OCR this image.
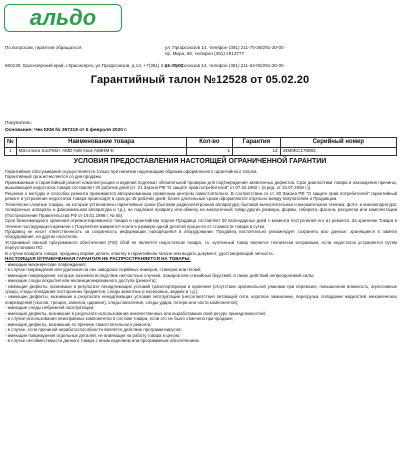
альдо
По вопросам, гарантии обращаться:	ул. Профсоюзов 14, телефон (391) 211-70-36/291-30-00
пр. Мира, 66, телефон (391) 2913777
660130, Красноярский край, г.Красноярск, ул.Профсоюзов, д.14, +7(391) 2-91-30-00
ул. Профсоюзов 14, телефон (391) 211-64-00/291-30-00
Гарантийный талон №12528 от 05.02.20
Покупатель:
Основание: Чек ККМ № 397318 от 5 февраля 2020 г.
№	Наименование товара	Кол-во	Гарантия	Серийный номер
1	Мат.плата SocFM2+ AMD A68 Asus A68HM-K	1	12	J4M0KC176893
УСЛОВИЯ ПРЕДОСТАВЛЕНИЯ НАСТОЯЩЕЙ ОГРАНИЧЕННОЙ ГАРАНТИИ

Гарантийное обслуживание осуществляется только при наличии надлежащим образом оформленного гарантийного талона.

Гарантийный срок исчисляется со дня продажи.

Принимаемые в гарантийный ремонт комплектующие и изделия подлежат обязательной проверке для подтверждения заявленных дефектов. Срок диагностики товара и нахождения причины, вызывающей недостаток товара составляет 20 рабочих дней (ст. 21 Закона РФ "О защите прав потребителей" от 07.02.1992 г. (в ред. от 23.07.2008 г.)).

Решение о методах и способах ремонта принимается авторизованным сервисным центром самостоятельно. В соответствии со ст. 20 Закона РФ "О защите прав потребителей" гарантийный ремонт и устранение недостатка товара происходят в срок до 45 рабочих дней, более длительные сроки оформляются отдельно между покупателем и Продавцом.

Технически сложные товары, на которые установлены гарантийные сроки (бытовая радиоэлектронная аппаратура; бытовая вычислительная и множительная техника; фото- и киноаппаратура; телефонные аппараты и факсимильная аппаратура и т.д.), не подлежат возврату или обмену на аналогичный товар других размера, формы, габарита, фасона, расцветки или комплектации (Постановление Правительства РФ от 19.01.1998 г. № 55).

Срок безвозмездного хранения отремонтированного товара в гарантийном отделе Продавца составляет 30 календарных дней с момента поступления его из ремонта. За хранение Товара в течение последующего времени с Покупателя взимается плата в размере одной десятой процента от стоимости товара в сутки.

Продавец не несет ответственность за сохранность информации, находящейся в оборудовании. Продавец настоятельно рекомендует сохранять всю данные, хранящиеся в памяти оборудования, на других носителях.

Устранимый сменой программного обеспечения (ПО) сбой не является недостатком товара, т.к. купленный товар является технически исправным, если недостаток устраняется путём переустановки ПО.

В случае возврата товара, продавец вправе делать отметку в гарантийном талоне или выдать документ, удостоверяющий личность.

НАСТОЯЩАЯ ОГРАНИЧЕННАЯ ГАРАНТИЯ НЕ РАСПРОСТРАНЯЕТСЯ НА ТОВАРЫ:

- имеющие механические повреждения;

- в случае повреждения или удаления на них заводских серийных номеров, стикеров или пломб;

- имеющие повреждения, которые возникли вследствие несчастных случаев, пожаров или стихийных бедствий, а также действий непреодолимой силы;

- имеющие следы вскрытия или несанкционированного доступа (ремонта);

- имеющие дефекты, возникшие в результате ненадлежащих условий транспортировки и хранения (отсутствие оригинальной упаковки при перевозке, повышенная влажность, агрессивные среды, следы попадания посторонних предметов, следы животных и насекомых, жидких и т.д.);

- имеющие дефекты, возникшие в результате ненадлежащих условий эксплуатации (несоответствия питающей сети, короткое замыкание, перегрузка, попадание жидкостей, механических повреждений (сколов, трещин, запилов, царапин), следы окисления, следы удара, потери или части компонентов);

- имеющие следы небрежной эксплуатации;

- имеющие дефекты, возникшие в результате использования некачественных или выработавших свой ресурс принадлежностей;

- в случае использования неисправных компонентов в составе товара, если это не было отмечено при продаже;

- имеющие дефекты, возникшие по причине самостоятельного ремонта;

- в случае, если причиной неработоспособности является действие программ-вирусов;

- имеющие повреждения отдельных деталей, не влияющие на работу товара в целом;

- в случае несовместимости данного товара с иным изделием или программным обеспечением.
